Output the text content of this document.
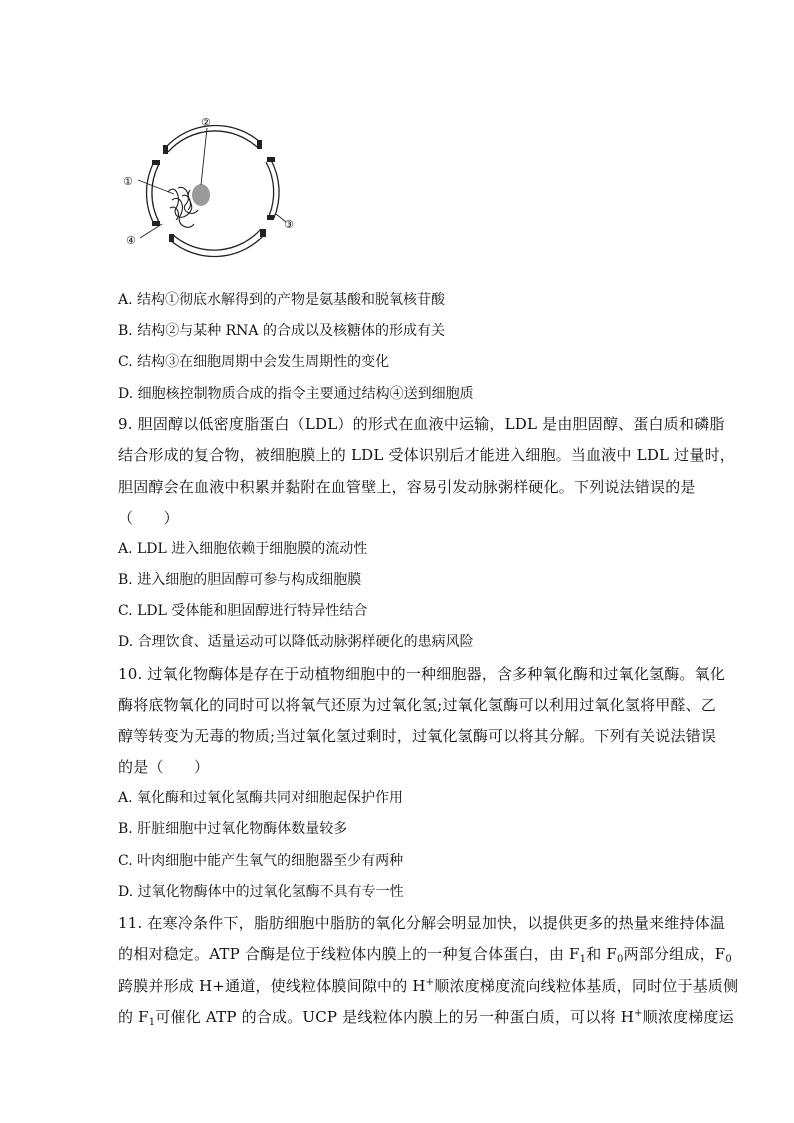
②
①
③
④
A. 结构①彻底水解得到的产物是氨基酸和脱氧核苷酸
B. 结构②与某种 RNA 的合成以及核糖体的形成有关
C. 结构③在细胞周期中会发生周期性的变化
D. 细胞核控制物质合成的指令主要通过结构④送到细胞质
9. 胆固醇以低密度脂蛋白（LDL）的形式在血液中运输，LDL 是由胆固醇、蛋白质和磷脂
结合形成的复合物，被细胞膜上的 LDL 受体识别后才能进入细胞。当血液中 LDL 过量时，
胆固醇会在血液中积累并黏附在血管壁上，容易引发动脉粥样硬化。下列说法错误的是
（　　）
A. LDL 进入细胞依赖于细胞膜的流动性
B. 进入细胞的胆固醇可参与构成细胞膜
C. LDL 受体能和胆固醇进行特异性结合
D. 合理饮食、适量运动可以降低动脉粥样硬化的患病风险
10. 过氧化物酶体是存在于动植物细胞中的一种细胞器，含多种氧化酶和过氧化氢酶。氧化
酶将底物氧化的同时可以将氧气还原为过氧化氢;过氧化氢酶可以利用过氧化氢将甲醛、乙
醇等转变为无毒的物质;当过氧化氢过剩时，过氧化氢酶可以将其分解。下列有关说法错误
的是（　　）
A. 氧化酶和过氧化氢酶共同对细胞起保护作用
B. 肝脏细胞中过氧化物酶体数量较多
C. 叶肉细胞中能产生氧气的细胞器至少有两种
D. 过氧化物酶体中的过氧化氢酶不具有专一性
11. 在寒冷条件下，脂肪细胞中脂肪的氧化分解会明显加快，以提供更多的热量来维持体温
的相对稳定。ATP 合酶是位于线粒体内膜上的一种复合体蛋白，由 $F_1$和 $F_0$两部分组成，$F_0$
跨膜并形成 H+通道，使线粒体膜间隙中的 H+顺浓度梯度流向线粒体基质，同时位于基质侧
的 $F_1$可催化 ATP 的合成。UCP 是线粒体内膜上的另一种蛋白质，可以将 H+顺浓度梯度运
